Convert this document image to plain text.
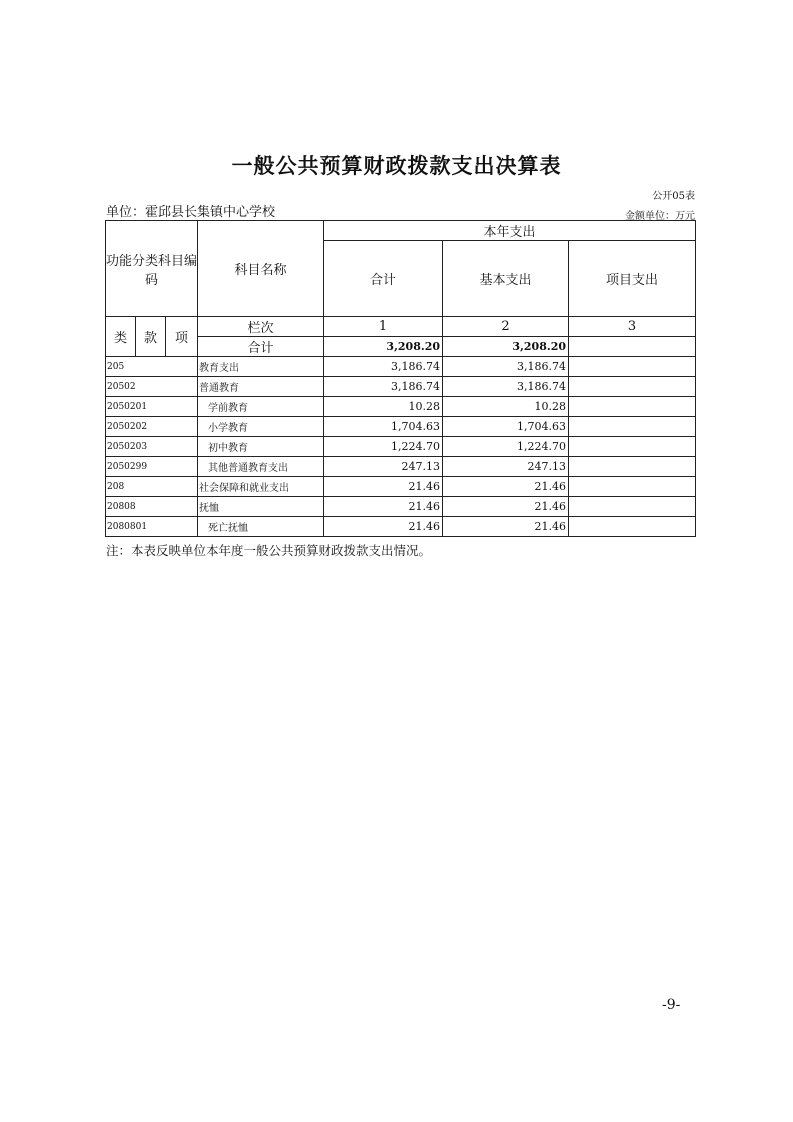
一般公共预算财政拨款支出决算表
公开05表
单位：霍邱县长集镇中心学校	金额单位：万元
功能分类科目编码			科目名称	本年支出		
				合计	基本支出	项目支出
类	款	项	栏次	1	2	3
			合计	3,208.20	3,208.20	
205			教育支出	3,186.74	3,186.74	
20502			普通教育	3,186.74	3,186.74	
2050201			学前教育	10.28	10.28	
2050202			小学教育	1,704.63	1,704.63	
2050203			初中教育	1,224.70	1,224.70	
2050299			其他普通教育支出	247.13	247.13	
208			社会保障和就业支出	21.46	21.46	
20808			抚恤	21.46	21.46	
2080801			死亡抚恤	21.46	21.46	
注：本表反映单位本年度一般公共预算财政拨款支出情况。
-9-
